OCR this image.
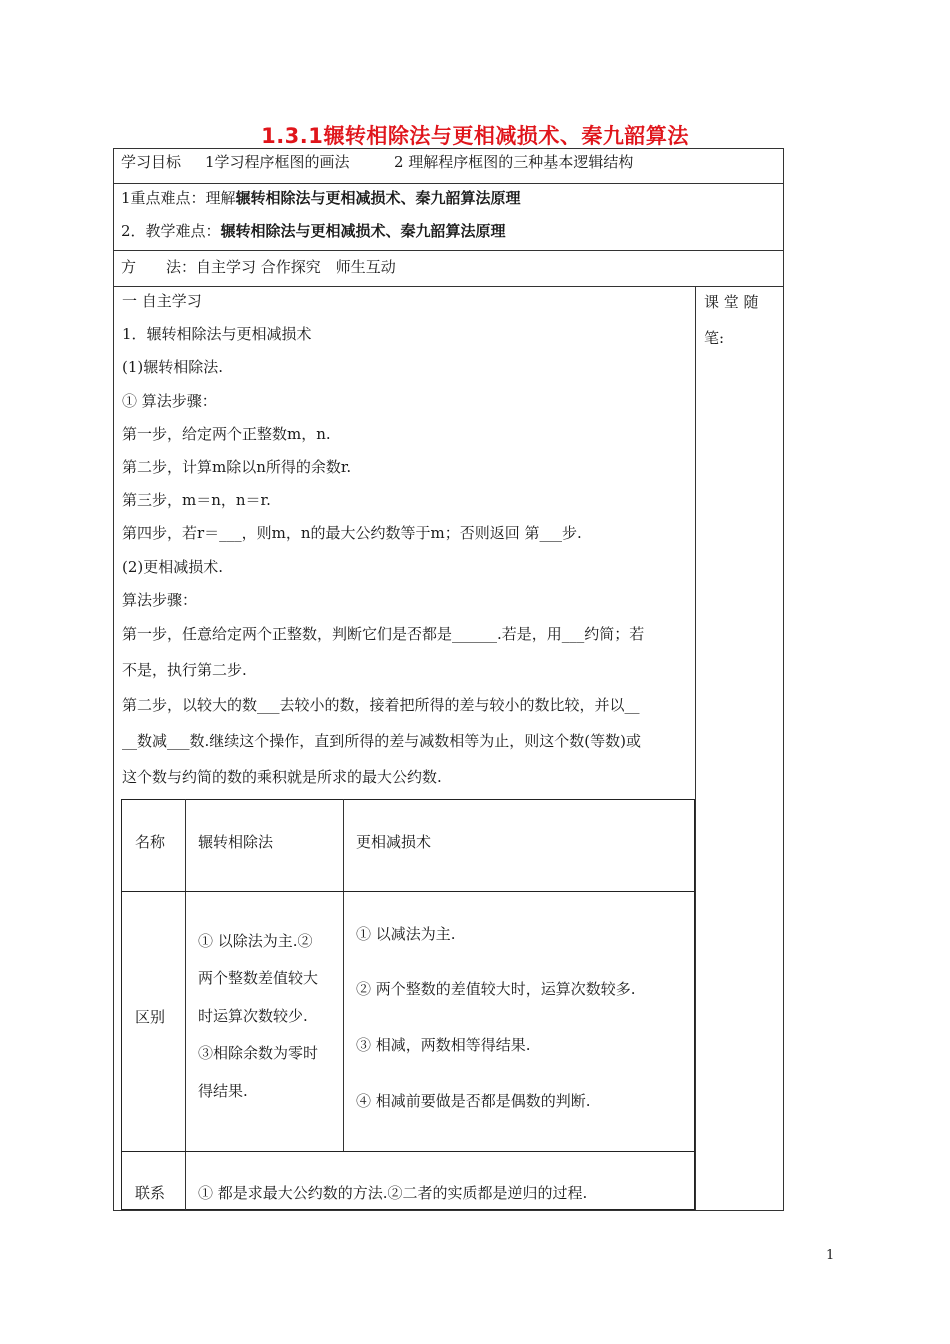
1.3.1辗转相除法与更相减损术、秦九韶算法
学习目标 1学习程序框图的画法	2 理解程序框图的三种基本逻辑结构
1重点难点：理解辗转相除法与更相减损术、秦九韶算法原理
2．教学难点：辗转相除法与更相减损术、秦九韶算法原理
方　　法：自主学习 合作探究　师生互动
课 堂 随
笔:
一 自主学习
1．辗转相除法与更相减损术
(1)辗转相除法.
① 算法步骤：
第一步，给定两个正整数m，n.
第二步，计算m除以n所得的余数r.
第三步，m＝n，n＝r.
第四步，若r＝___，则m，n的最大公约数等于m；否则返回 第___步.
(2)更相减损术.
算法步骤：
第一步，任意给定两个正整数，判断它们是否都是______.若是，用___约简；若
不是，执行第二步.
第二步，以较大的数___去较小的数，接着把所得的差与较小的数比较，并以__
__数减___数.继续这个操作，直到所得的差与减数相等为止，则这个数(等数)或
这个数与约简的数的乘积就是所求的最大公约数.
名称 辗转相除法	更相减损术
区别
① 以除法为主.②
两个整数差值较大
时运算次数较少.
③相除余数为零时
得结果.
① 以减法为主.
② 两个整数的差值较大时，运算次数较多.
③ 相减，两数相等得结果.
④ 相减前要做是否都是偶数的判断.
联系 ① 都是求最大公约数的方法.②二者的实质都是逆归的过程.
1
